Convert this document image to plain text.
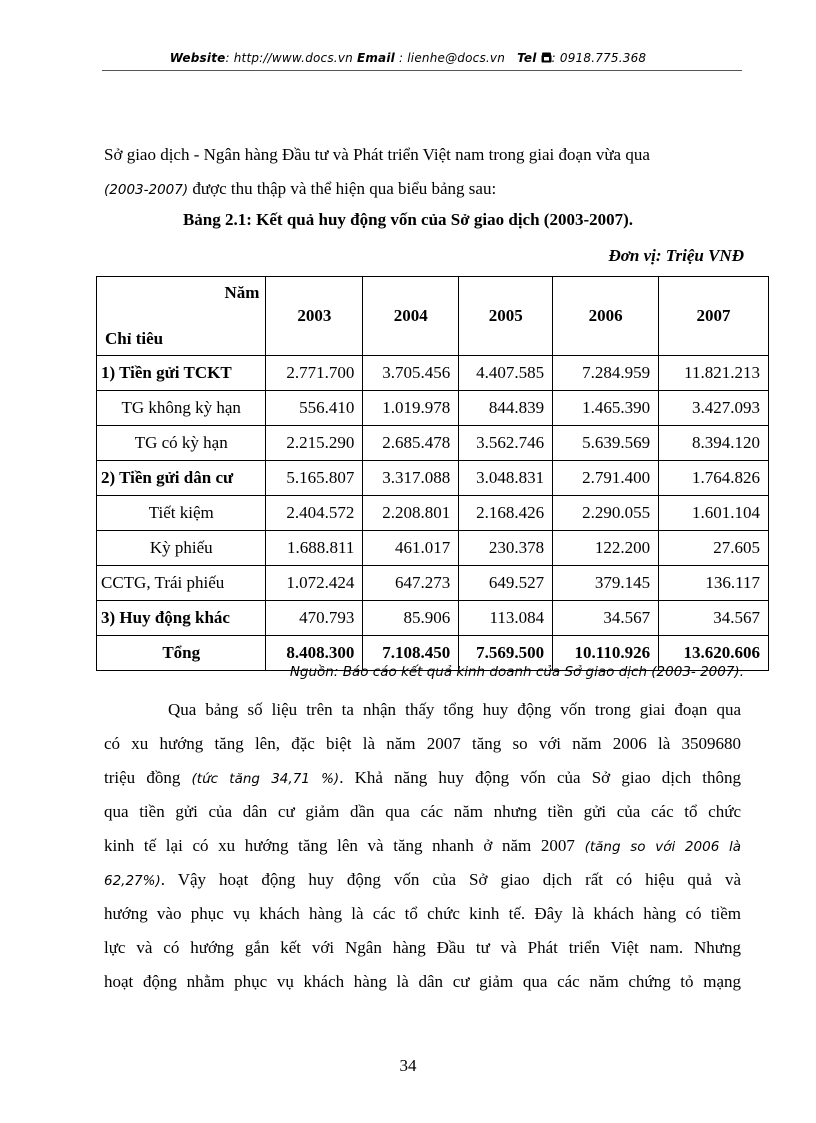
Website: http://www.docs.vn Email : lienhe@docs.vn Tel : 0918.775.368
Sở giao dịch - Ngân hàng Đầu tư và Phát triển Việt nam trong giai đoạn vừa qua
(2003-2007) được thu thập và thể hiện qua biểu bảng sau:
Bảng 2.1: Kết quả huy động vốn của Sở giao dịch (2003-2007).
Đơn vị: Triệu VNĐ
Năm
Chỉ tiêu	2003	2004	2005	2006	2007
1) Tiền gửi TCKT	2.771.700	3.705.456	4.407.585	7.284.959	11.821.213
TG không kỳ hạn	556.410	1.019.978	844.839	1.465.390	3.427.093
TG có kỳ hạn	2.215.290	2.685.478	3.562.746	5.639.569	8.394.120
2) Tiền gửi dân cư	5.165.807	3.317.088	3.048.831	2.791.400	1.764.826
Tiết kiệm	2.404.572	2.208.801	2.168.426	2.290.055	1.601.104
Kỳ phiếu	1.688.811	461.017	230.378	122.200	27.605
CCTG, Trái phiếu	1.072.424	647.273	649.527	379.145	136.117
3) Huy động khác	470.793	85.906	113.084	34.567	34.567
Tổng	8.408.300	7.108.450	7.569.500	10.110.926	13.620.606
Nguồn: Báo cáo kết quả kinh doanh của Sở giao dịch (2003- 2007).
Qua bảng số liệu trên ta nhận thấy tổng huy động vốn trong giai đoạn qua
có xu hướng tăng lên, đặc biệt là năm 2007 tăng so với năm 2006 là 3509680
triệu đồng (tức tăng 34,71 %). Khả năng huy động vốn của Sở giao dịch thông
qua tiền gửi của dân cư giảm dần qua các năm nhưng tiền gửi của các tổ chức
kinh tế lại có xu hướng tăng lên và tăng nhanh ở năm 2007 (tăng so với 2006 là
62,27%). Vậy hoạt động huy động vốn của Sở giao dịch rất có hiệu quả và
hướng vào phục vụ khách hàng là các tổ chức kinh tế. Đây là khách hàng có tiềm
lực và có hướng gắn kết với Ngân hàng Đầu tư và Phát triển Việt nam. Nhưng
hoạt động nhằm phục vụ khách hàng là dân cư giảm qua các năm chứng tỏ mạng
34
